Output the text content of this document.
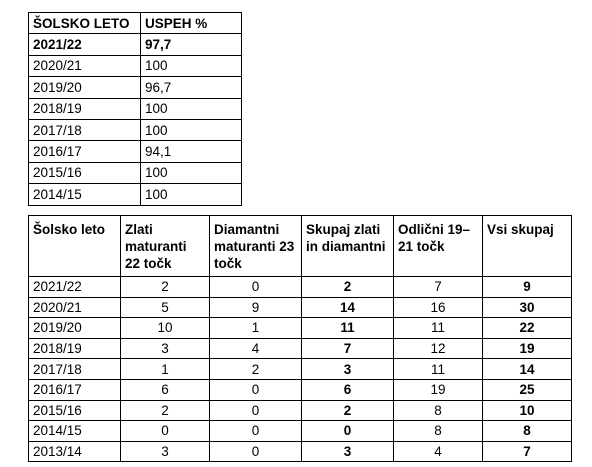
ŠOLSKO LETO	USPEH %
2021/22	97,7
2020/21	100
2019/20	96,7
2018/19	100
2017/18	100
2016/17	94,1
2015/16	100
2014/15	100
Šolsko leto	Zlati maturanti 22 točk	Diamantni maturanti 23 točk	Skupaj zlati in diamantni	Odlični 19–21 točk	Vsi skupaj
2021/22	2	0	2	7	9
2020/21	5	9	14	16	30
2019/20	10	1	11	11	22
2018/19	3	4	7	12	19
2017/18	1	2	3	11	14
2016/17	6	0	6	19	25
2015/16	2	0	2	8	10
2014/15	0	0	0	8	8
2013/14	3	0	3	4	7
